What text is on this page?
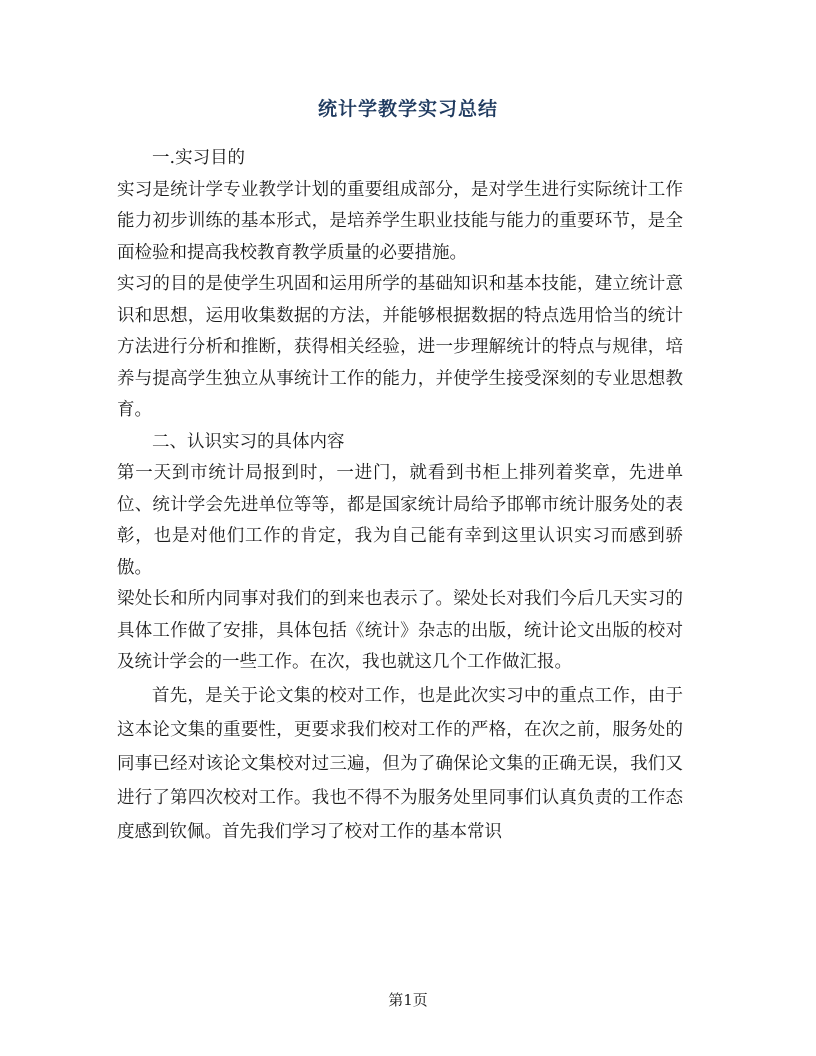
统计学教学实习总结

一.实习目的

实习是统计学专业教学计划的重要组成部分，是对学生进行实际统计工作能力初步训练的基本形式，是培养学生职业技能与能力的重要环节，是全面检验和提高我校教育教学质量的必要措施。

实习的目的是使学生巩固和运用所学的基础知识和基本技能，建立统计意识和思想，运用收集数据的方法，并能够根据数据的特点选用恰当的统计方法进行分析和推断，获得相关经验，进一步理解统计的特点与规律，培养与提高学生独立从事统计工作的能力，并使学生接受深刻的专业思想教育。

二、认识实习的具体内容

第一天到市统计局报到时，一进门，就看到书柜上排列着奖章，先进单位、统计学会先进单位等等，都是国家统计局给予邯郸市统计服务处的表彰，也是对他们工作的肯定，我为自己能有幸到这里认识实习而感到骄傲。

梁处长和所内同事对我们的到来也表示了。梁处长对我们今后几天实习的具体工作做了安排，具体包括《统计》杂志的出版，统计论文出版的校对及统计学会的一些工作。在次，我也就这几个工作做汇报。

首先，是关于论文集的校对工作，也是此次实习中的重点工作，由于这本论文集的重要性，更要求我们校对工作的严格，在次之前，服务处的同事已经对该论文集校对过三遍，但为了确保论文集的正确无误，我们又进行了第四次校对工作。我也不得不为服务处里同事们认真负责的工作态度感到钦佩。首先我们学习了校对工作的基本常识

第1页
